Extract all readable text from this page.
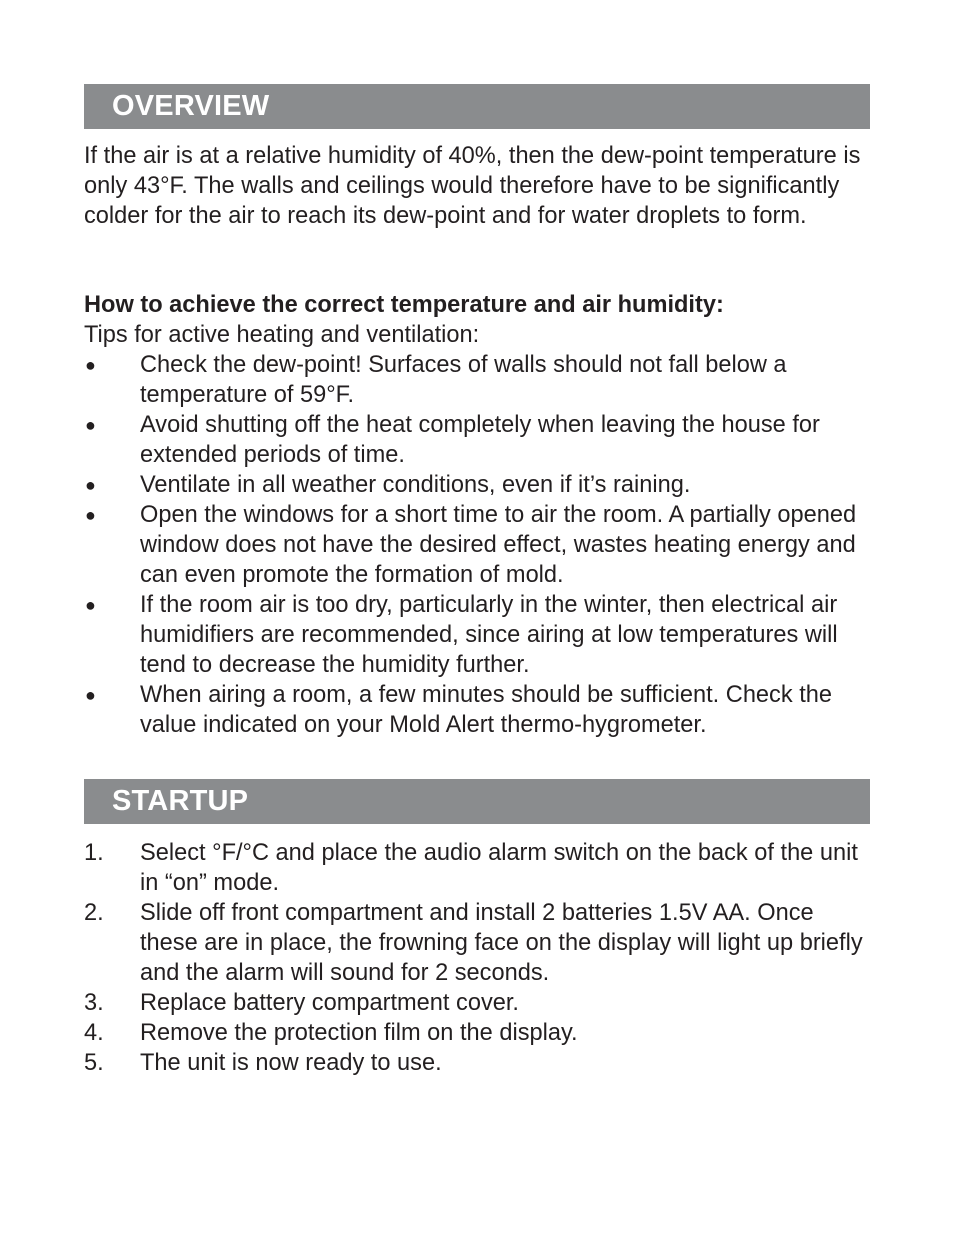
OVERVIEW

If the air is at a relative humidity of 40%, then the dew-point temperature is only 43°F. The walls and ceilings would therefore have to be significantly colder for the air to reach its dew-point and for water droplets to form.

How to achieve the correct temperature and air humidity:

Tips for active heating and ventilation:

● Check the dew-point! Surfaces of walls should not fall below a temperature of 59°F.
● Avoid shutting off the heat completely when leaving the house for extended periods of time.
● Ventilate in all weather conditions, even if it’s raining.
● Open the windows for a short time to air the room. A partially opened window does not have the desired effect, wastes heating energy and can even promote the formation of mold.
● If the room air is too dry, particularly in the winter, then electrical air humidifiers are recommended, since airing at low temperatures will tend to decrease the humidity further.
● When airing a room, a few minutes should be sufficient. Check the value indicated on your Mold Alert thermo-hygrometer.
STARTUP
1. Select °F/°C and place the audio alarm switch on the back of the unit in “on” mode.
2. Slide off front compartment and install 2 batteries 1.5V AA. Once these are in place, the frowning face on the display will light up briefly and the alarm will sound for 2 seconds.
3. Replace battery compartment cover.
4. Remove the protection film on the display.
5. The unit is now ready to use.
